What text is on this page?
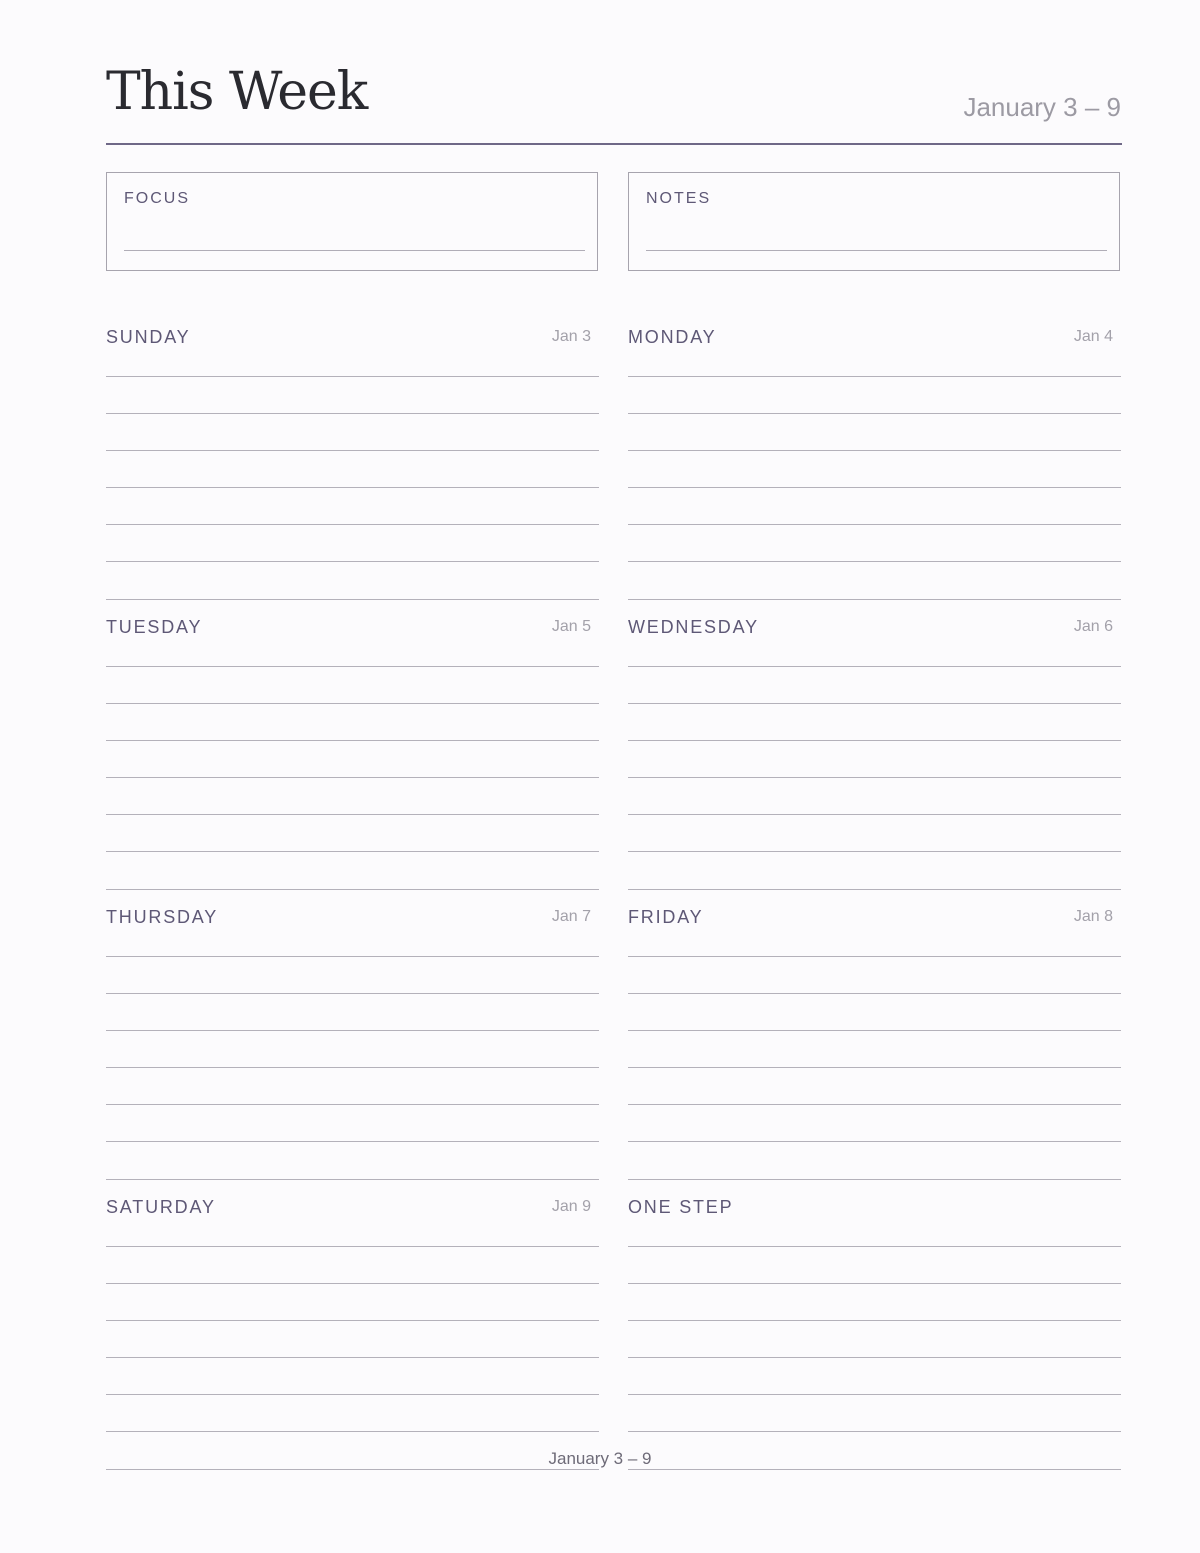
This Week	January 3 – 9
FOCUS	NOTES
SUNDAY	Jan 3 MONDAY	Jan 4
TUESDAY	Jan 5 WEDNESDAY	Jan 6
THURSDAY	Jan 7 FRIDAY	Jan 8
SATURDAY	Jan 9 ONE STEP
January 3 – 9
